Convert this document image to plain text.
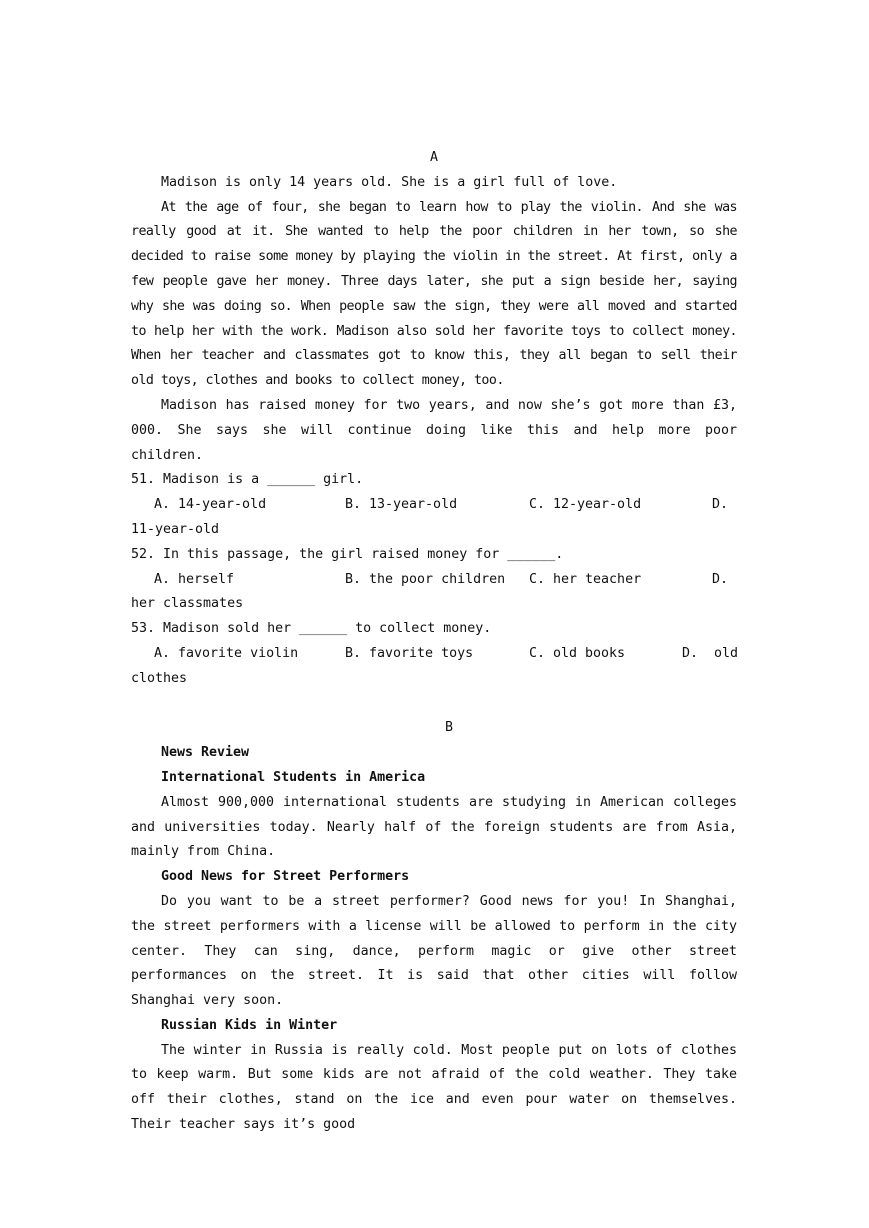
A
Madison is only 14 years old. She is a girl full of love.
At the age of four, she began to learn how to play the violin. And she was really good at it. She wanted to help the poor children in her town, so she decided to raise some money by playing the violin in the street. At first, only a few people gave her money. Three days later, she put a sign beside her, saying why she was doing so. When people saw the sign, they were all moved and started to help her with the work. Madison also sold her favorite toys to collect money. When her teacher and classmates got to know this, they all began to sell their old toys, clothes and books to collect money, too.
Madison has raised money for two years, and now she’s got more than £3, 000. She says she will continue doing like this and help more poor children.
51. Madison is a ______ girl.
A. 14-year-old	B. 13-year-old	C. 12-year-old	D.
11-year-old
52. In this passage, the girl raised money for ______.
A. herself	B. the poor children C. her teacher	D.
her classmates
53. Madison sold her ______ to collect money.
A. favorite violin	B. favorite toys	C. old books	D.  old
clothes
B
News Review
International Students in America
Almost 900,000 international students are studying in American colleges and universities today. Nearly half of the foreign students are from Asia, mainly from China.
Good News for Street Performers
Do you want to be a street performer? Good news for you! In Shanghai, the street performers with a license will be allowed to perform in the city center. They can sing, dance, perform magic or give other street performances on the street. It is said that other cities will follow Shanghai very soon.
Russian Kids in Winter
The winter in Russia is really cold. Most people put on lots of clothes to keep warm. But some kids are not afraid of the cold weather. They take off their clothes, stand on the ice and even pour water on themselves. Their teacher says it’s good
